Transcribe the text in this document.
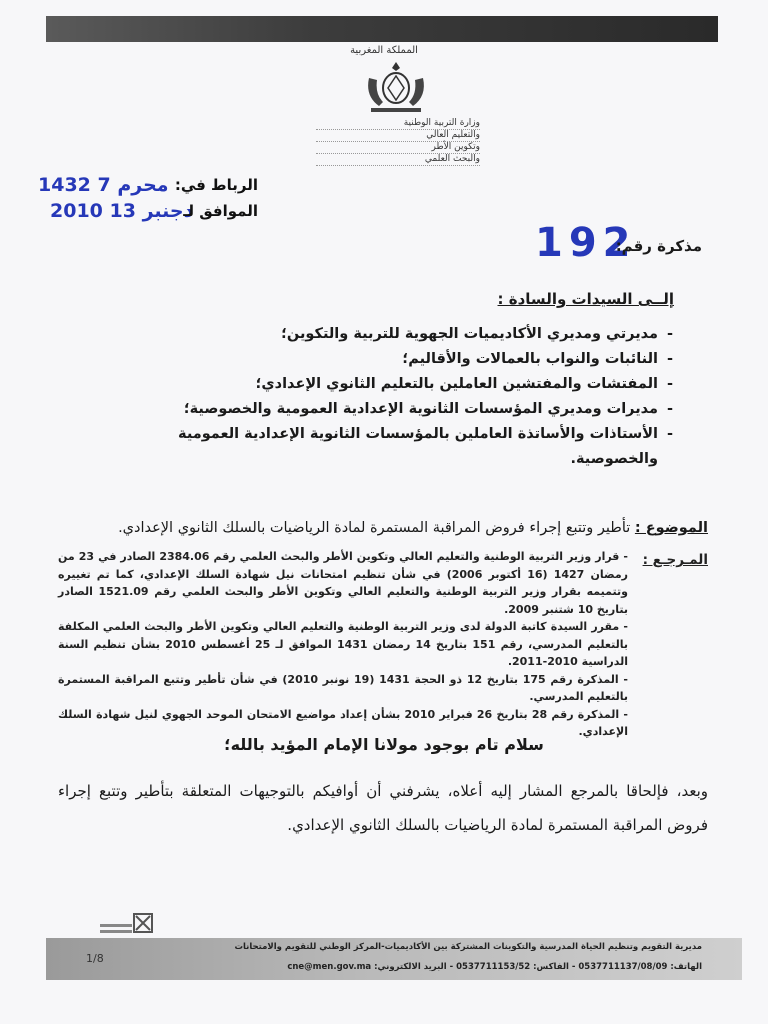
المملكة المغربية
وزارة التربية الوطنية
والتعليم العالي
وتكوين الأطر
والبحث العلمي
1432 محرم 7 الرباط في:
2010 دجنبر 13
الموافق لـ
192
مذكرة رقم:
إلــى السيدات والسادة :
-
مديرتي ومديري الأكاديميات الجهوية للتربية والتكوين؛
-
النائبات والنواب بالعمالات والأقاليم؛
-
المفتشات والمفتشين العاملين بالتعليم الثانوي الإعدادي؛
-
مديرات ومديري المؤسسات الثانوية الإعدادية العمومية والخصوصية؛
-
الأستاذات والأساتذة العاملين بالمؤسسات الثانوية الإعدادية العمومية والخصوصية.
الموضوع : تأطير وتتبع إجراء فروض المراقبة المستمرة لمادة الرياضيات بالسلك الثانوي الإعدادي.
المـرجـع :
- قرار وزير التربية الوطنية والتعليم العالي وتكوين الأطر والبحث العلمي رقم 2384.06 الصادر في 23 من رمضان 1427 (16 أكتوبر 2006) في شأن تنظيم امتحانات نيل شهادة السلك الإعدادي، كما تم تغييره وتتميمه بقرار وزير التربية الوطنية والتعليم العالي وتكوين الأطر والبحث العلمي رقم 1521.09 الصادر بتاريخ 10 شتنبر 2009.
- مقرر السيدة كاتبة الدولة لدى وزير التربية الوطنية والتعليم العالي وتكوين الأطر والبحث العلمي المكلفة بالتعليم المدرسي، رقم 151 بتاريخ 14 رمضان 1431 الموافق لـ 25 أغسطس 2010 بشأن تنظيم السنة الدراسية 2010-2011.
- المذكرة رقم 175 بتاريخ 12 ذو الحجة 1431 (19 نونبر 2010) في شأن تأطير وتتبع المراقبة المستمرة بالتعليم المدرسي.
- المذكرة رقم 28 بتاريخ 26 فبراير 2010 بشأن إعداد مواضيع الامتحان الموحد الجهوي لنيل شهادة السلك الإعدادي.
سلام تام بوجود مولانا الإمام المؤيد بالله؛
وبعد، فإلحاقا بالمرجع المشار إليه أعلاه، يشرفني أن أوافيكم بالتوجيهات المتعلقة بتأطير وتتبع إجراء فروض المراقبة المستمرة لمادة الرياضيات بالسلك الثانوي الإعدادي.
مديرية التقويم وتنظيم الحياة المدرسية والتكوينات المشتركة بين الأكاديميات-المركز الوطني للتقويم والامتحانات
الهاتف: 0537711137/08/09 - الفاكس: 0537711153/52 - البريد الالكتروني: cne@men.gov.ma
1/8
